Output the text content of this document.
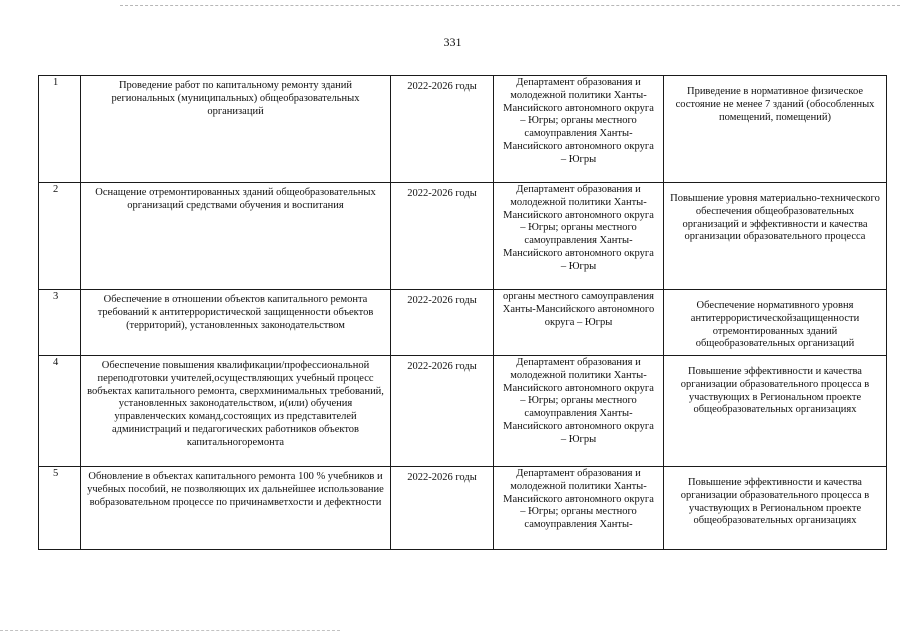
331
1	Проведение работ по капитальному ремонту зданий региональных (муниципальных) общеобразовательных организаций	2022-2026 годы	Департамент образования и молодежной политики Ханты-Мансийского автономного округа – Югры; органы местного самоуправления Ханты-Мансийского автономного округа – Югры	Приведение в нормативное физическое состояние не менее 7 зданий (обособленных помещений, помещений)
2	Оснащение отремонтированных зданий общеобразовательных организаций средствами обучения и воспитания	2022-2026 годы	Департамент образования и молодежной политики Ханты-Мансийского автономного округа – Югры; органы местного самоуправления Ханты-Мансийского автономного округа – Югры	Повышение уровня материально-технического обеспечения общеобразовательных организаций и эффективности и качества организации образовательного процесса
3	Обеспечение в отношении объектов капитального ремонта требований к антитеррористической защищенности объектов (территорий), установленных законодательством	2022-2026 годы	органы местного самоуправления Ханты-Мансийского автономного округа – Югры	Обеспечение нормативного уровня антитеррористическойзащищенности отремонтированных зданий общеобразовательных организаций
4	Обеспечение повышения квалификации/профессиональной переподготовки учителей,осуществляющих учебный процесс вобъектах капитального ремонта, сверхминимальных требований, установленных законодательством, и(или) обучения управленческих команд,состоящих из представителей администраций и педагогических работников объектов капитальногоремонта	2022-2026 годы	Департамент образования и молодежной политики Ханты-Мансийского автономного округа – Югры; органы местного самоуправления Ханты-Мансийского автономного округа – Югры	Повышение эффективности и качества организации образовательного процесса в участвующих в Региональном проекте общеобразовательных организациях
5	Обновление в объектах капитального ремонта 100 % учебников и учебных пособий, не позволяющих их дальнейшее использование вобразовательном процессе по причинамветхости и дефектности	2022-2026 годы	Департамент образования и молодежной политики Ханты-Мансийского автономного округа – Югры; органы местного самоуправления Ханты-	Повышение эффективности и качества организации образовательного процесса в участвующих в Региональном проекте общеобразовательных организациях
